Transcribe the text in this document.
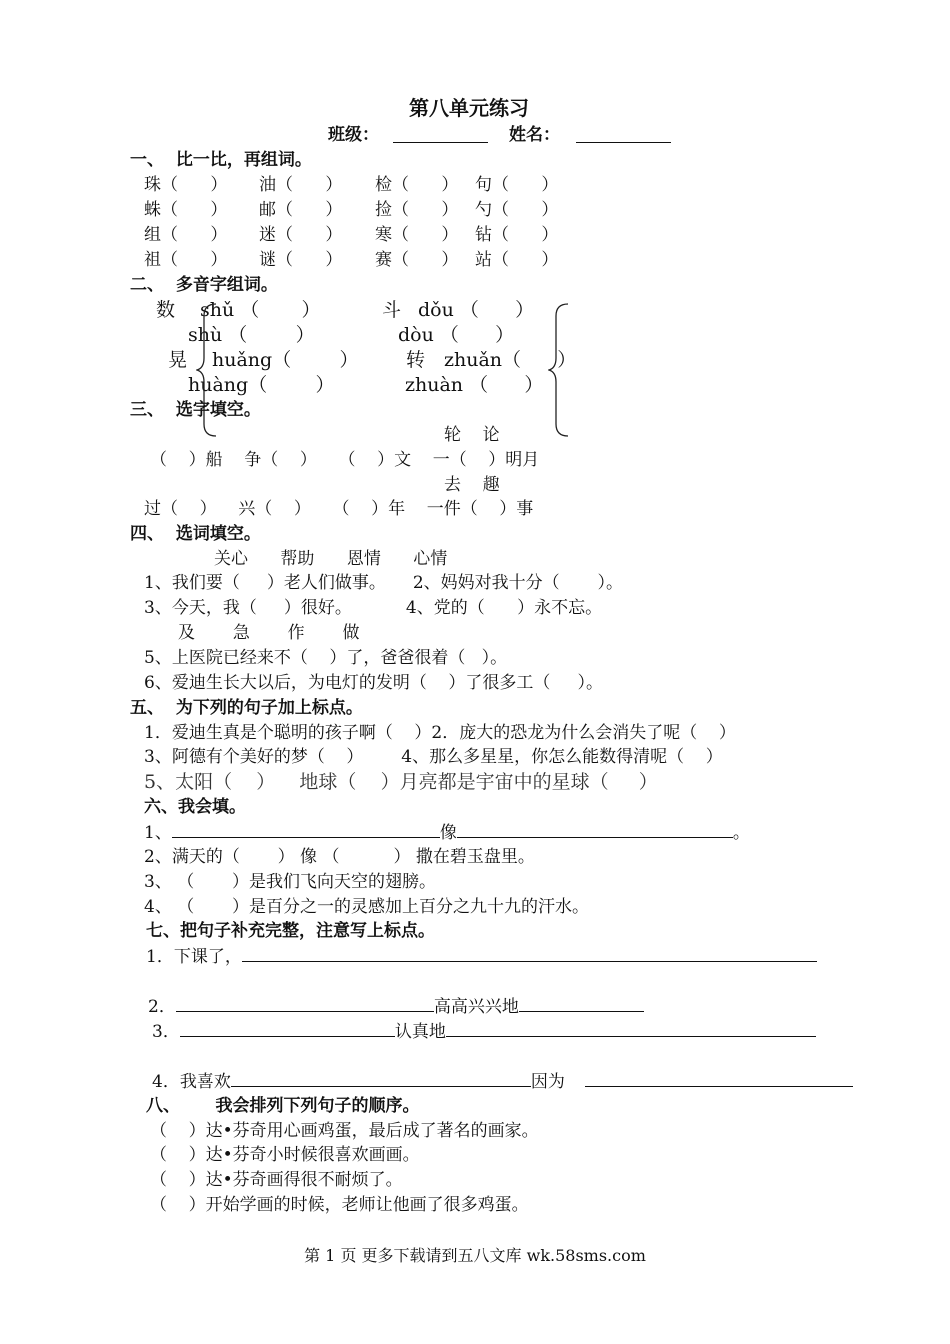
第八单元练习
班级：	姓名：
一、  比一比，再组词。
珠（      ） 油（      ） 检（      ） 句（      ）
蛛（      ） 邮（      ） 捡（      ） 勺（      ）
组（      ） 迷（      ） 寒（      ） 钻（      ）
祖（      ） 谜（      ） 赛（      ） 站（      ）
二、  多音字组词。
数 shǔ （       ）
shù （        ）
斗 dǒu （      ）
dòu （      ）
晃 huǎng（        ）
huàng（        ）
转 zhuǎn（      ）
zhuàn （      ）
三、  选字填空。
轮    论
（    ）船    争（    ）    （    ）文    一（    ）明月
去    趣
过（    ）    兴（    ）    （    ）年    一件（    ）事
四、  选词填空。
关心      帮助      恩情      心情
1、我们要（     ）老人们做事。     2、妈妈对我十分（       ）。
3、今天，我（     ）很好。          4、党的（      ）永不忘。
及       急       作       做
5、上医院已经来不（    ）了，爸爸很着（   ）。
6、爱迪生长大以后，为电灯的发明（    ）了很多工（     ）。
五、  为下列的句子加上标点。
1．爱迪生真是个聪明的孩子啊（    ）2．庞大的恐龙为什么会消失了呢（    ）
3、阿德有个美好的梦（    ）       4、那么多星星，你怎么能数得清呢（    ）
5、太阳（    ）    地球（    ）月亮都是宇宙中的星球（     ）
六、我会填。
1、	像	。
2、满天的（       ） 像 （          ） 撒在碧玉盘里。
3、 （       ）是我们飞向天空的翅膀。
4、 （       ）是百分之一的灵感加上百分之九十九的汗水。
七、把句子补充完整，注意写上标点。
1．下课了，
2．	高高兴兴地
3．	认真地
4．我喜欢	因为
八、      我会排列下列句子的顺序。
（    ）达•芬奇用心画鸡蛋，最后成了著名的画家。
（    ）达•芬奇小时候很喜欢画画。
（    ）达•芬奇画得很不耐烦了。
（    ）开始学画的时候，老师让他画了很多鸡蛋。
第 1 页 更多下载请到五八文库 wk.58sms.com
